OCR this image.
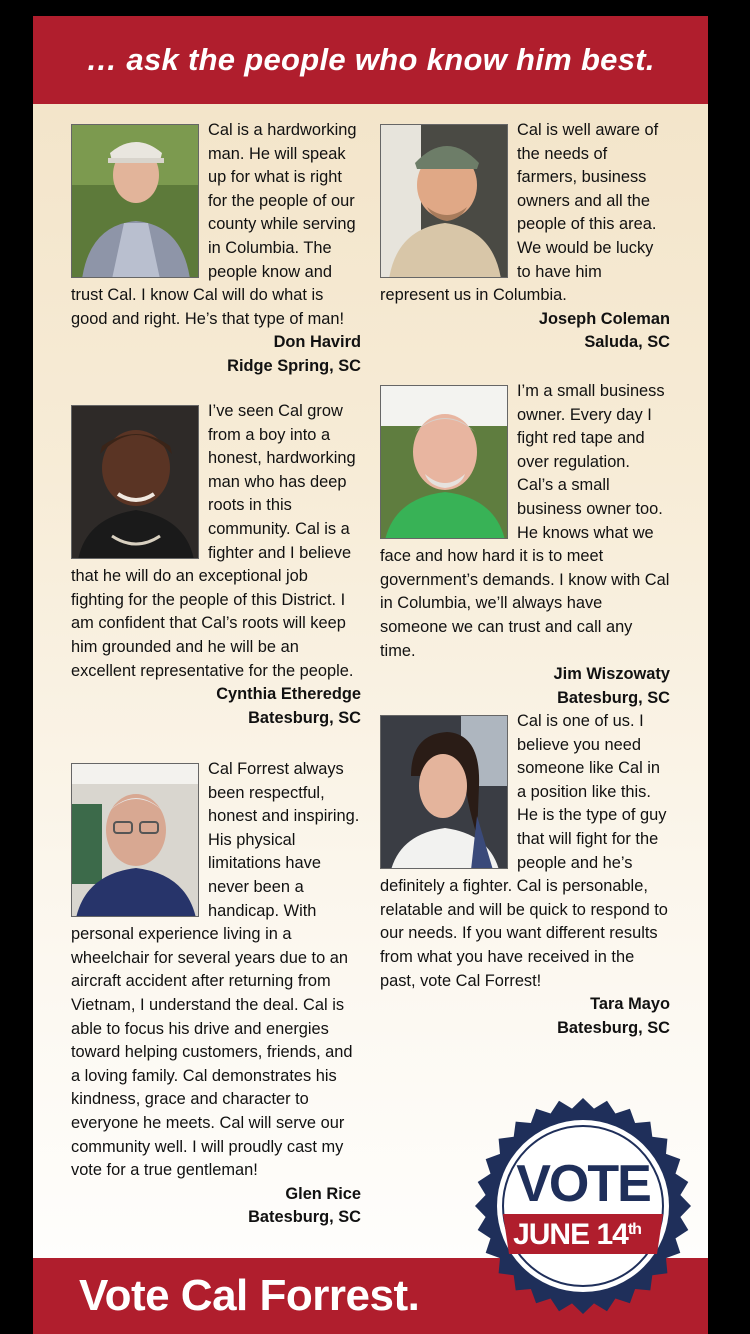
… ask the people who know him best.

Cal is a hardworking man. He will speak up for what is right for the people of our county while serving in Columbia. The people know and trust Cal. I know Cal will do what is good and right. He’s that type of man!

Don Havird
Ridge Spring, SC

Cal is well aware of the needs of farmers, business owners and all the people of this area. We would be lucky to have him represent us in Columbia.

Joseph Coleman
Saluda, SC

I’ve seen Cal grow from a boy into a honest, hardworking man who has deep roots in this community. Cal is a fighter and I believe that he will do an exceptional job fighting for the people of this District. I am confident that Cal’s roots will keep him grounded and he will be an excellent representative for the people.

Cynthia Etheredge
Batesburg, SC

I’m a small business owner. Every day I fight red tape and over regulation. Cal’s a small business owner too. He knows what we face and how hard it is to meet government’s demands. I know with Cal in Columbia, we’ll always have someone we can trust and call any time.

Jim Wiszowaty
Batesburg, SC

Cal Forrest always been respectful, honest and inspiring. His physical limitations have never been a handicap. With personal experience living in a wheelchair for several years due to an aircraft accident after returning from Vietnam, I understand the deal. Cal is able to focus his drive and energies toward helping customers, friends, and a loving family. Cal demonstrates his kindness, grace and character to everyone he meets. Cal will serve our community well. I will proudly cast my vote for a true gentleman!

Glen Rice
Batesburg, SC

Cal is one of us. I believe you need someone like Cal in a position like this. He is the type of guy that will fight for the people and he’s definitely a fighter. Cal is personable, relatable and will be quick to respond to our needs. If you want different results from what you have received in the past, vote Cal Forrest!

Tara Mayo
Batesburg, SC
Vote Cal Forrest.
VOTE
JUNE 14th
